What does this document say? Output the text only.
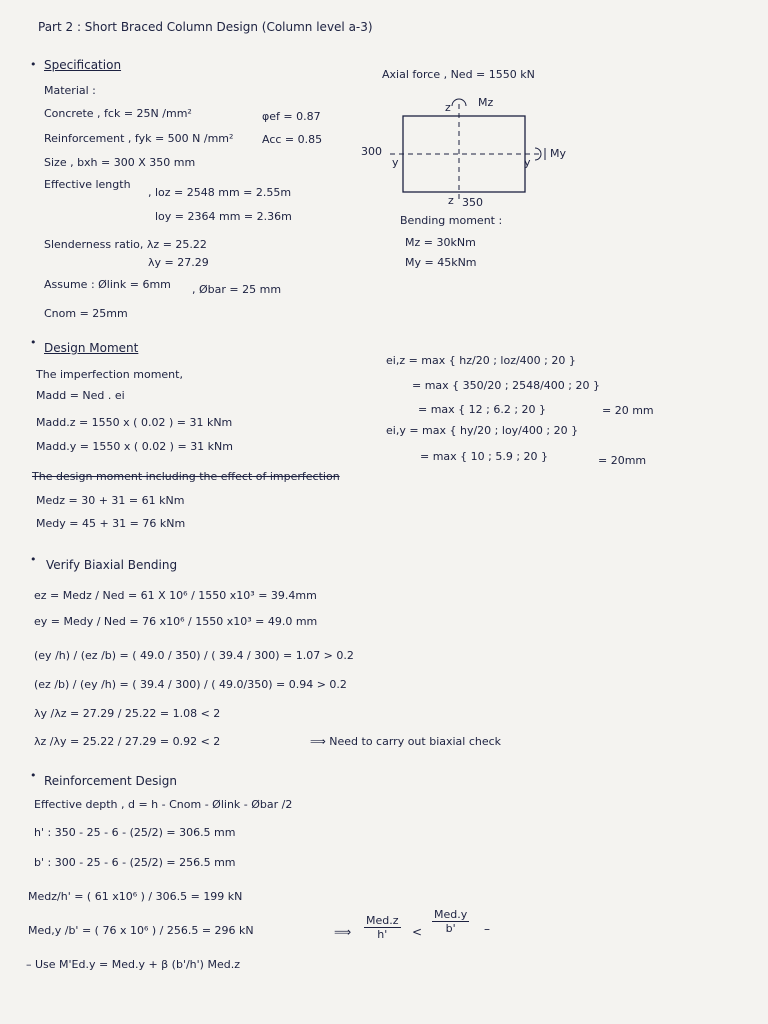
Part 2 : Short Braced Column Design (Column level a-3)
• Specification
Material :
Concrete , fck = 25N /mm²	φef = 0.87
Reinforcement , fyk = 500 N /mm²	Acc = 0.85
Size , bxh = 300 X 350 mm
Effective length
, loz = 2548 mm = 2.55m
loy = 2364 mm = 2.36m
Slenderness ratio, λz = 25.22
λy = 27.29
Assume : Ølink = 6mm , Øbar = 25 mm
Cnom = 25mm
Axial force , Ned = 1550 kN
Mz
My
z
z
y	y
300
350
Bending moment :
Mz = 30kNm
My = 45kNm
• Design Moment
The imperfection moment,
Madd = Ned . ei
Madd.z = 1550 x ( 0.02 ) = 31 kNm
Madd.y = 1550 x ( 0.02 ) = 31 kNm
The design moment including the effect of imperfection
Medz = 30 + 31 = 61 kNm
Medy = 45 + 31 = 76 kNm
ei,z = max { hz/20 ; loz/400 ; 20 }
= max { 350/20 ; 2548/400 ; 20 }
= max { 12 ; 6.2 ; 20 }	= 20 mm
ei,y = max { hy/20 ; loy/400 ; 20 }
= max { 10 ; 5.9 ; 20 }	= 20mm
• Verify Biaxial Bending
ez = Medz / Ned = 61 X 10⁶ / 1550 x10³ = 39.4mm
ey = Medy / Ned = 76 x10⁶ / 1550 x10³ = 49.0 mm
(ey /h) / (ez /b) = ( 49.0 / 350) / ( 39.4 / 300) = 1.07 > 0.2
(ez /b) / (ey /h) = ( 39.4 / 300) / ( 49.0/350) = 0.94 > 0.2
λy /λz = 27.29 / 25.22 = 1.08 < 2
λz /λy = 25.22 / 27.29 = 0.92 < 2	⟹ Need to carry out biaxial check
• Reinforcement Design
Effective depth , d = h - Cnom - Ølink - Øbar /2
h' : 350 - 25 - 6 - (25/2) = 306.5 mm
b' : 300 - 25 - 6 - (25/2) = 256.5 mm
Medz/h' = ( 61 x10⁶ ) / 306.5 = 199 kN
Med,y /b' = ( 76 x 10⁶ ) / 256.5 = 296 kN	⟹
Med.z
h'	<
Med.y
b'	–
– Use M'Ed.y = Med.y + β (b'/h') Med.z
